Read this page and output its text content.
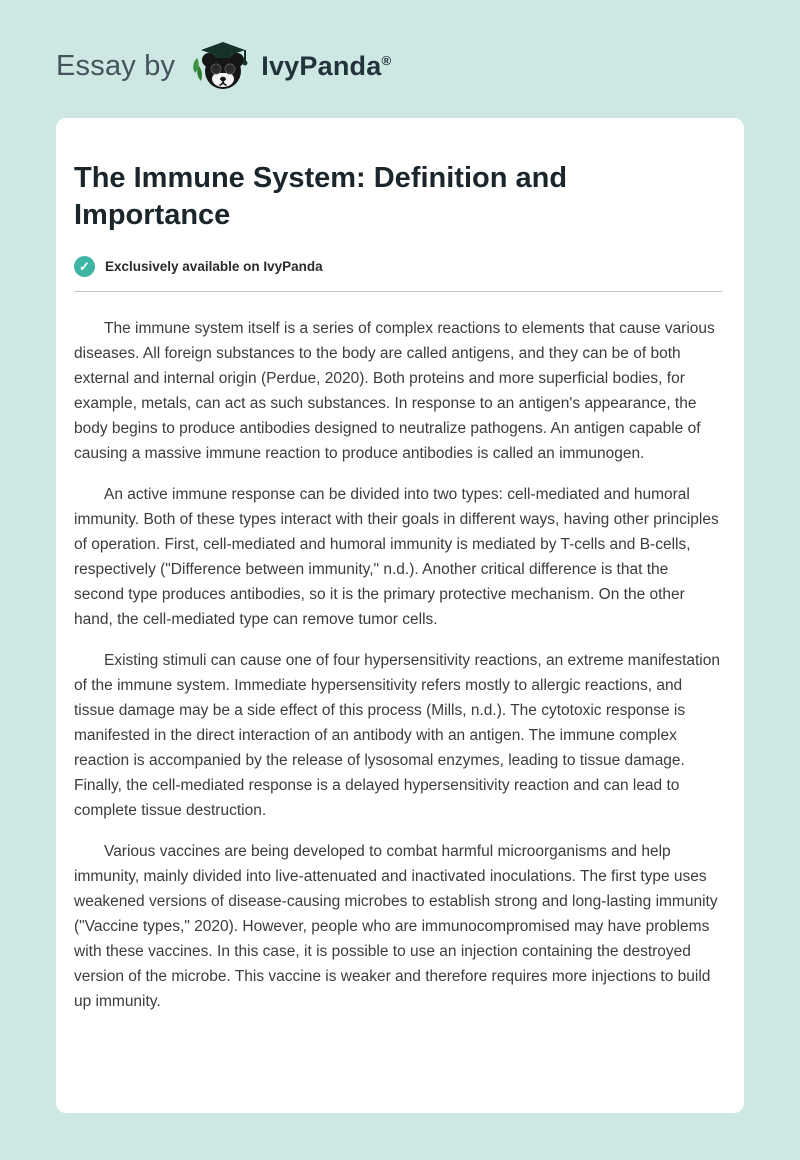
Essay by	IvyPanda®
The Immune System: Definition and Importance
✓	Exclusively available on IvyPanda

The immune system itself is a series of complex reactions to elements that cause various diseases. All foreign substances to the body are called antigens, and they can be of both external and internal origin (Perdue, 2020). Both proteins and more superficial bodies, for example, metals, can act as such substances. In response to an antigen's appearance, the body begins to produce antibodies designed to neutralize pathogens. An antigen capable of causing a massive immune reaction to produce antibodies is called an immunogen.

An active immune response can be divided into two types: cell-mediated and humoral immunity. Both of these types interact with their goals in different ways, having other principles of operation. First, cell-mediated and humoral immunity is mediated by T-cells and B-cells, respectively ("Difference between immunity," n.d.). Another critical difference is that the second type produces antibodies, so it is the primary protective mechanism. On the other hand, the cell-mediated type can remove tumor cells.

Existing stimuli can cause one of four hypersensitivity reactions, an extreme manifestation of the immune system. Immediate hypersensitivity refers mostly to allergic reactions, and tissue damage may be a side effect of this process (Mills, n.d.). The cytotoxic response is manifested in the direct interaction of an antibody with an antigen. The immune complex reaction is accompanied by the release of lysosomal enzymes, leading to tissue damage. Finally, the cell-mediated response is a delayed hypersensitivity reaction and can lead to complete tissue destruction.

Various vaccines are being developed to combat harmful microorganisms and help immunity, mainly divided into live-attenuated and inactivated inoculations. The first type uses weakened versions of disease-causing microbes to establish strong and long-lasting immunity ("Vaccine types," 2020). However, people who are immunocompromised may have problems with these vaccines. In this case, it is possible to use an injection containing the destroyed version of the microbe. This vaccine is weaker and therefore requires more injections to build up immunity.
